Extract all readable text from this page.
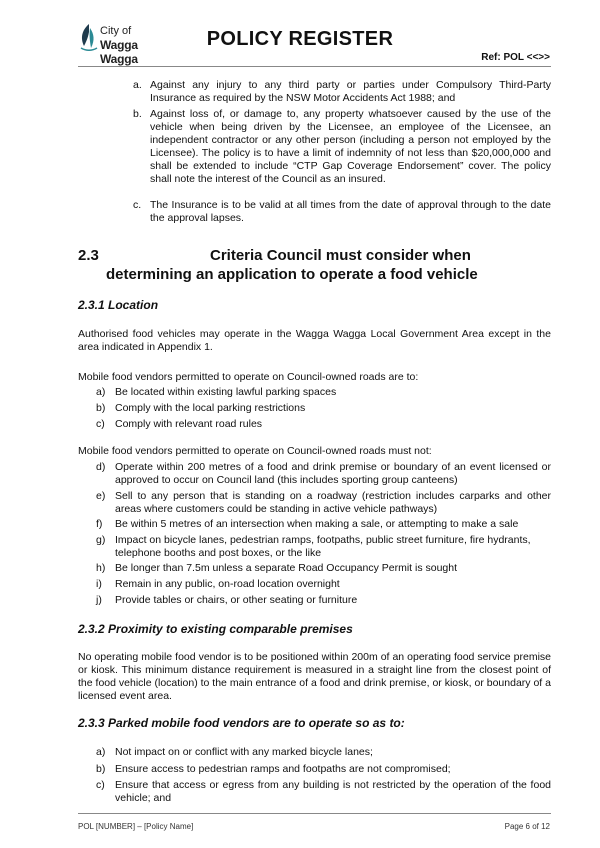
City of
Wagga Wagga
POLICY REGISTER
Ref: POL <<>>
a. Against any injury to any third party or parties under Compulsory Third-Party Insurance as required by the NSW Motor Accidents Act 1988; and
b. Against loss of, or damage to, any property whatsoever caused by the use of the vehicle when being driven by the Licensee, an employee of the Licensee, an independent contractor or any other person (including a person not employed by the Licensee). The policy is to have a limit of indemnity of not less than $20,000,000 and shall be extended to include “CTP Gap Coverage Endorsement” cover. The policy shall note the interest of the Council as an insured.
c. The Insurance is to be valid at all times from the date of approval through to the date the approval lapses.
2.3	Criteria Council must consider when
determining an application to operate a food vehicle
2.3.1 Location
Authorised food vehicles may operate in the Wagga Wagga Local Government Area except in the area indicated in Appendix 1.
Mobile food vendors permitted to operate on Council-owned roads are to:
a) Be located within existing lawful parking spaces
b) Comply with the local parking restrictions
c) Comply with relevant road rules
Mobile food vendors permitted to operate on Council-owned roads must not:
d) Operate within 200 metres of a food and drink premise or boundary of an event licensed or approved to occur on Council land (this includes sporting group canteens)
e) Sell to any person that is standing on a roadway (restriction includes carparks and other areas where customers could be standing in active vehicle pathways)
f) Be within 5 metres of an intersection when making a sale, or attempting to make a sale
g) Impact on bicycle lanes, pedestrian ramps, footpaths, public street furniture, fire hydrants, telephone booths and post boxes, or the like
h) Be longer than 7.5m unless a separate Road Occupancy Permit is sought
i) Remain in any public, on-road location overnight
j) Provide tables or chairs, or other seating or furniture
2.3.2 Proximity to existing comparable premises
No operating mobile food vendor is to be positioned within 200m of an operating food service premise or kiosk. This minimum distance requirement is measured in a straight line from the closest point of the food vehicle (location) to the main entrance of a food and drink premise, or kiosk, or boundary of a licensed event area.
2.3.3 Parked mobile food vendors are to operate so as to:
a) Not impact on or conflict with any marked bicycle lanes;
b) Ensure access to pedestrian ramps and footpaths are not compromised;
c) Ensure that access or egress from any building is not restricted by the operation of the food vehicle; and
POL [NUMBER] – [Policy Name]	Page 6 of 12
